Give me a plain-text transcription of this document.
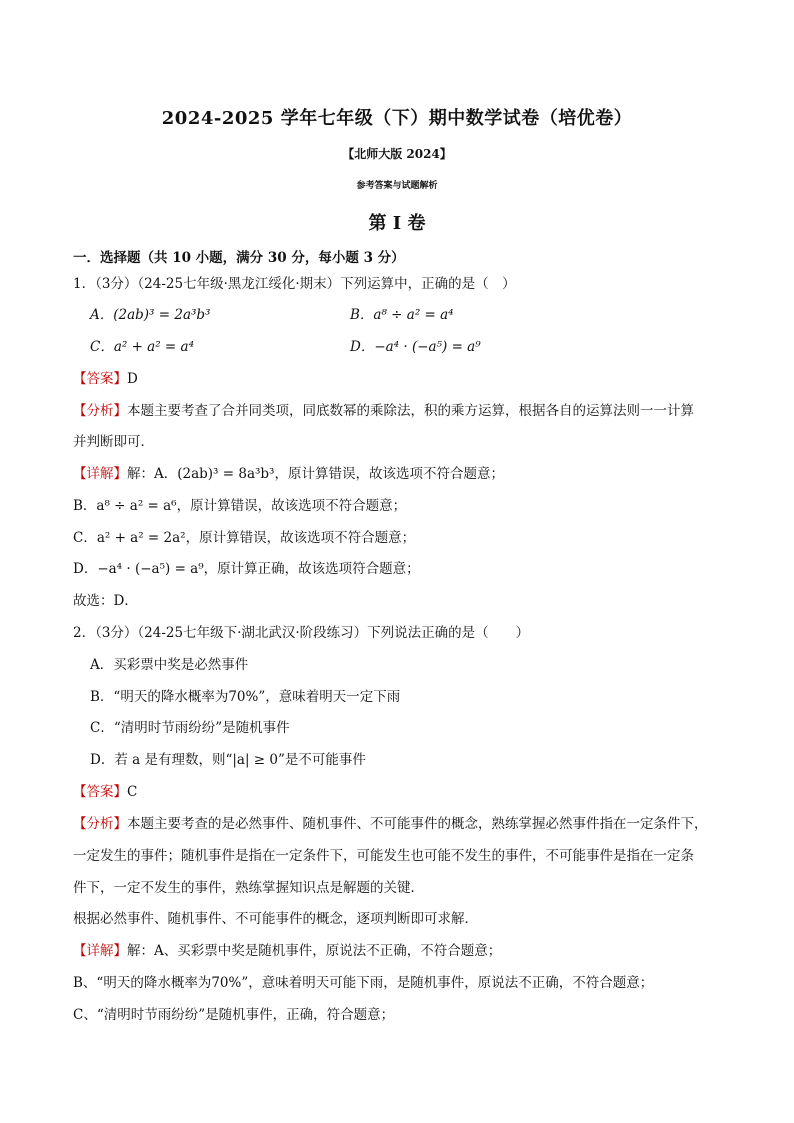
2024-2025 学年七年级（下）期中数学试卷（培优卷）
【北师大版 2024】
参考答案与试题解析
第 I 卷
一．选择题（共 10 小题，满分 30 分，每小题 3 分）
1．（3分）（24-25七年级·黑龙江绥化·期末）下列运算中，正确的是（　）
A．(2ab)³ = 2a³b³	B．a⁸ ÷ a² = a⁴
C．a² + a² = a⁴	D．−a⁴ · (−a⁵) = a⁹
【答案】D
【分析】本题主要考查了合并同类项，同底数幂的乘除法，积的乘方运算，根据各自的运算法则一一计算
并判断即可．
【详解】解：A．(2ab)³ = 8a³b³，原计算错误，故该选项不符合题意；
B．a⁸ ÷ a² = a⁶，原计算错误，故该选项不符合题意；
C．a² + a² = 2a²，原计算错误，故该选项不符合题意；
D．−a⁴ · (−a⁵) = a⁹，原计算正确，故该选项符合题意；
故选：D．
2．（3分）（24-25七年级下·湖北武汉·阶段练习）下列说法正确的是（　　）
A．买彩票中奖是必然事件
B．“明天的降水概率为70%”，意味着明天一定下雨
C．“清明时节雨纷纷”是随机事件
D．若 a 是有理数，则“|a| ≥ 0”是不可能事件
【答案】C
【分析】本题主要考查的是必然事件、随机事件、不可能事件的概念，熟练掌握必然事件指在一定条件下，
一定发生的事件；随机事件是指在一定条件下，可能发生也可能不发生的事件，不可能事件是指在一定条
件下，一定不发生的事件，熟练掌握知识点是解题的关键．
根据必然事件、随机事件、不可能事件的概念，逐项判断即可求解．
【详解】解：A、买彩票中奖是随机事件，原说法不正确，不符合题意；
B、“明天的降水概率为70%”，意味着明天可能下雨，是随机事件，原说法不正确，不符合题意；
C、“清明时节雨纷纷”是随机事件，正确，符合题意；
